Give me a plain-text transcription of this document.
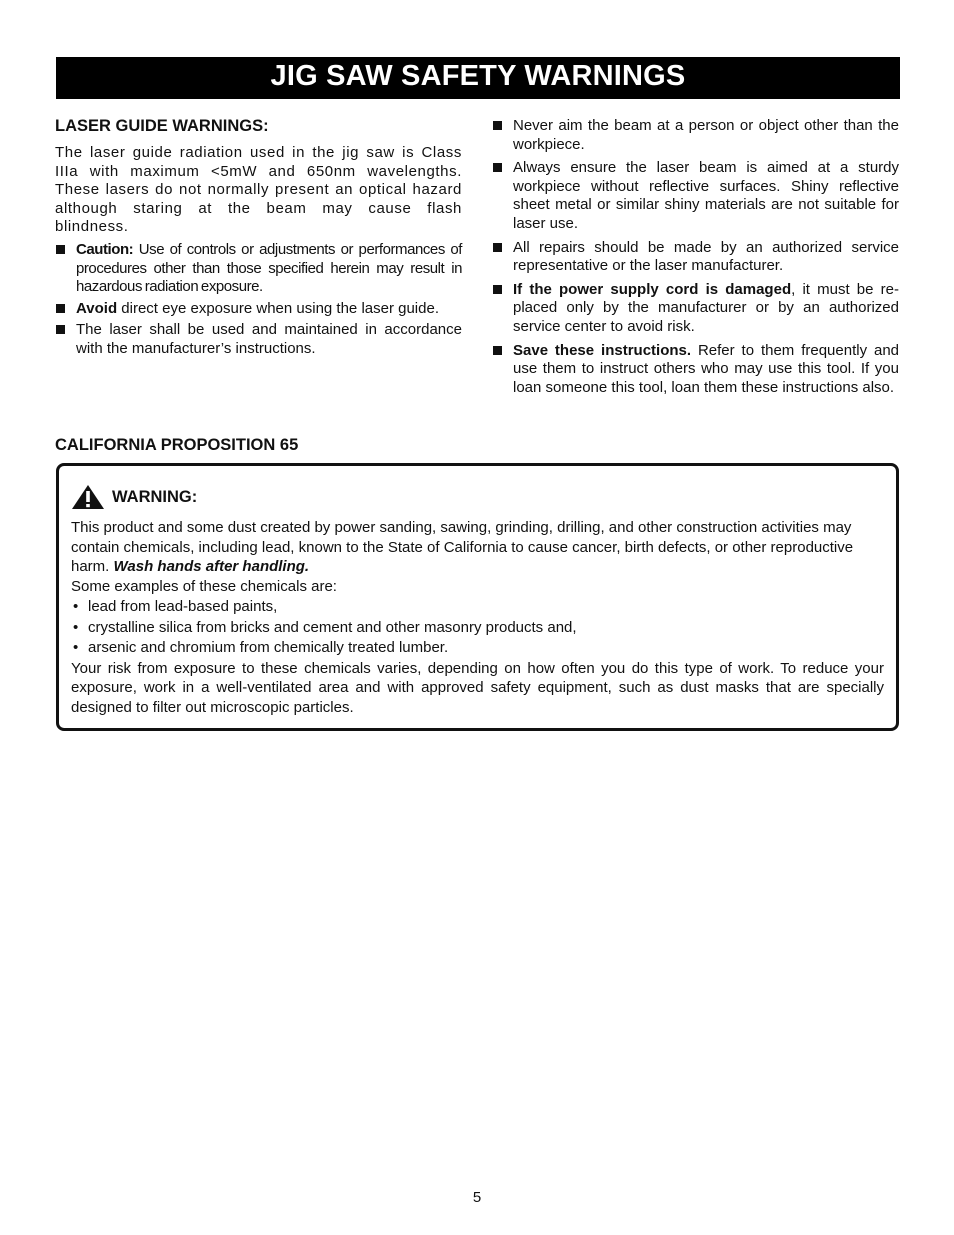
JIG SAW SAFETY WARNINGS
LASER GUIDE WARNINGS:

The laser guide radiation used in the jig saw is Class IIIa with maximum <5mW and 650nm wavelengths. These lasers do not normally present an optical hazard although staring at the beam may cause flash blindness.

Caution: Use of controls or adjustments or performances of procedures other than those specified herein may result in hazardous radiation exposure.
Avoid direct eye exposure when using the laser guide.
The laser shall be used and maintained in accordance with the manufacturer’s instructions.
Never aim the beam at a person or object other than the workpiece.
Always ensure the laser beam is aimed at a sturdy workpiece without reflective surfaces. Shiny reflective sheet metal or similar shiny materials are not suitable for laser use.
All repairs should be made by an authorized service representative or the laser manufacturer.
If the power supply cord is damaged, it must be re-placed only by the manufacturer or by an authorized service center to avoid risk.
Save these instructions. Refer to them frequently and use them to instruct others who may use this tool. If you loan someone this tool, loan them these instructions also.
CALIFORNIA PROPOSITION 65
WARNING:

This product and some dust created by power sanding, sawing, grinding, drilling, and other construction activities may contain chemicals, including lead, known to the State of California to cause cancer, birth defects, or other reproductive harm. Wash hands after handling.

Some examples of these chemicals are:

• lead from lead-based paints,
• crystalline silica from bricks and cement and other masonry products and,
• arsenic and chromium from chemically treated lumber.

Your risk from exposure to these chemicals varies, depending on how often you do this type of work. To reduce your exposure, work in a well-ventilated area and with approved safety equipment, such as dust masks that are specially designed to filter out microscopic particles.

5
